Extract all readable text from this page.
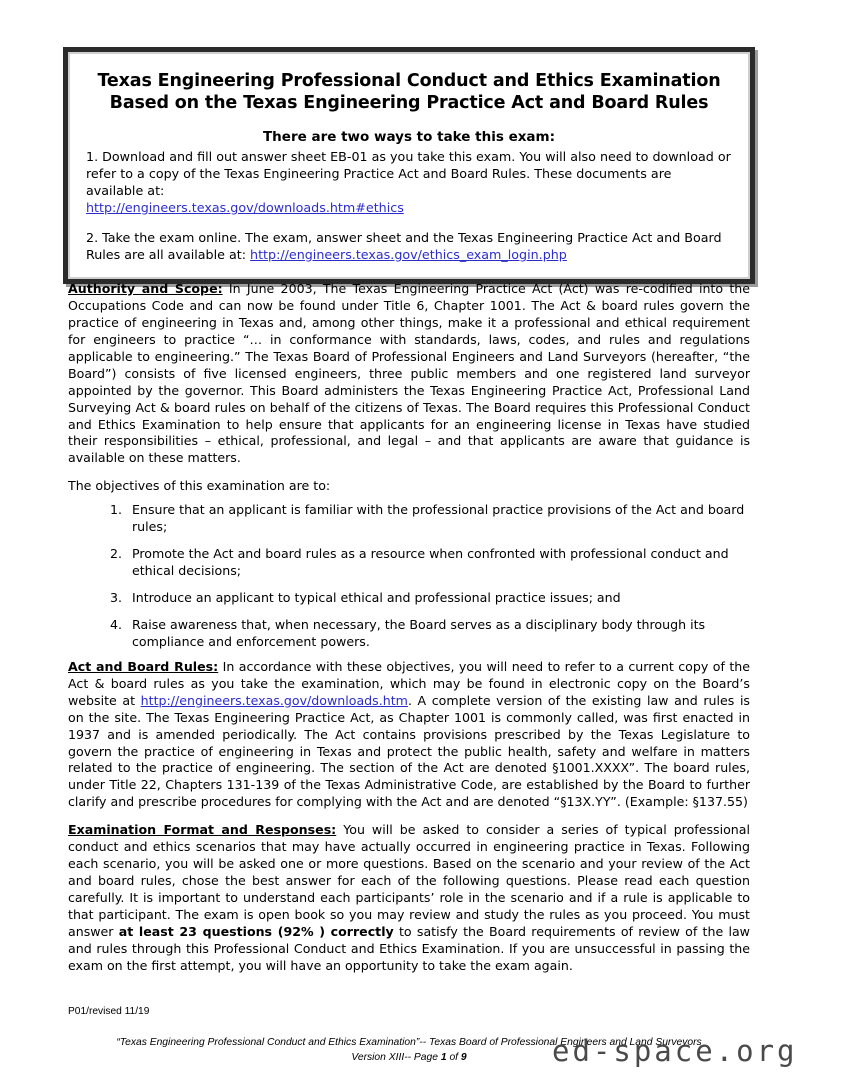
Texas Engineering Professional Conduct and Ethics Examination
Based on the Texas Engineering Practice Act and Board Rules
There are two ways to take this exam:

1. Download and fill out answer sheet EB-01 as you take this exam. You will also need to download or refer to a copy of the Texas Engineering Practice Act and Board Rules. These documents are available at:
http://engineers.texas.gov/downloads.htm#ethics

2. Take the exam online. The exam, answer sheet and the Texas Engineering Practice Act and Board Rules are all available at: http://engineers.texas.gov/ethics_exam_login.php

Authority and Scope: In June 2003, The Texas Engineering Practice Act (Act) was re-codified into the Occupations Code and can now be found under Title 6, Chapter 1001. The Act & board rules govern the practice of engineering in Texas and, among other things, make it a professional and ethical requirement for engineers to practice “… in conformance with standards, laws, codes, and rules and regulations applicable to engineering.” The Texas Board of Professional Engineers and Land Surveyors (hereafter, “the Board”) consists of five licensed engineers, three public members and one registered land surveyor appointed by the governor. This Board administers the Texas Engineering Practice Act, Professional Land Surveying Act & board rules on behalf of the citizens of Texas. The Board requires this Professional Conduct and Ethics Examination to help ensure that applicants for an engineering license in Texas have studied their responsibilities – ethical, professional, and legal – and that applicants are aware that guidance is available on these matters.

The objectives of this examination are to:

1. Ensure that an applicant is familiar with the professional practice provisions of the Act and board rules;
2. Promote the Act and board rules as a resource when confronted with professional conduct and ethical decisions;
3. Introduce an applicant to typical ethical and professional practice issues; and
4. Raise awareness that, when necessary, the Board serves as a disciplinary body through its compliance and enforcement powers.

Act and Board Rules: In accordance with these objectives, you will need to refer to a current copy of the Act & board rules as you take the examination, which may be found in electronic copy on the Board’s website at http://engineers.texas.gov/downloads.htm. A complete version of the existing law and rules is on the site. The Texas Engineering Practice Act, as Chapter 1001 is commonly called, was first enacted in 1937 and is amended periodically. The Act contains provisions prescribed by the Texas Legislature to govern the practice of engineering in Texas and protect the public health, safety and welfare in matters related to the practice of engineering. The section of the Act are denoted §1001.XXXX”. The board rules, under Title 22, Chapters 131-139 of the Texas Administrative Code, are established by the Board to further clarify and prescribe procedures for complying with the Act and are denoted “§13X.YY”. (Example: §137.55)

Examination Format and Responses: You will be asked to consider a series of typical professional conduct and ethics scenarios that may have actually occurred in engineering practice in Texas. Following each scenario, you will be asked one or more questions. Based on the scenario and your review of the Act and board rules, chose the best answer for each of the following questions. Please read each question carefully. It is important to understand each participants’ role in the scenario and if a rule is applicable to that participant. The exam is open book so you may review and study the rules as you proceed. You must answer at least 23 questions (92% ) correctly to satisfy the Board requirements of review of the law and rules through this Professional Conduct and Ethics Examination. If you are unsuccessful in passing the exam on the first attempt, you will have an opportunity to take the exam again.

P01/revised 11/19
“Texas Engineering Professional Conduct and Ethics Examination”-- Texas Board of Professional Engineers and Land Surveyors
Version XIII-- Page 1 of 9	ed-space.org
